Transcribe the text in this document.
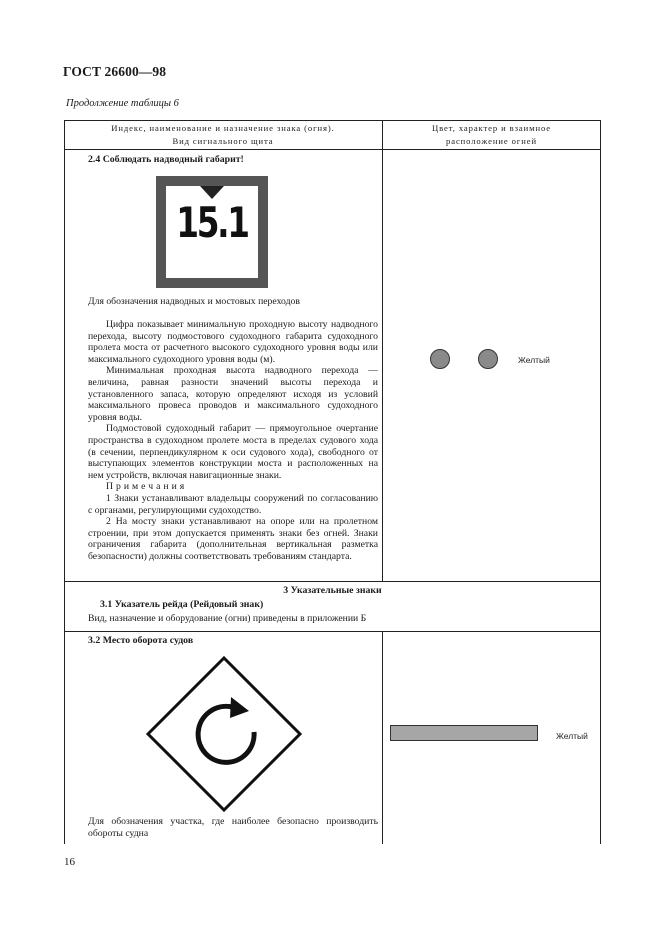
ГОСТ 26600—98
Продолжение таблицы 6
Индекс, наименование и назначение знака (огня).
Вид сигнального щита
Цвет, характер и взаимное
расположение огней
2.4 Соблюдать надводный габарит!
15.1
Для обозначения надводных и мостовых переходов

Цифра показывает минимальную проходную высоту надводного перехода, высоту подмостового судоходного габарита судоходного пролета моста от расчетного высокого судоходного уровня воды или максимального судоходного уровня воды (м).

Минимальная проходная высота надводного перехода — величина, равная разности значений высоты перехода и установленного запаса, которую определяют исходя из условий максимального провеса проводов и максимального судоходного уровня воды.

Подмостовой судоходный габарит — прямоугольное очертание пространства в судоходном пролете моста в пределах судового хода (в сечении, перпендикулярном к оси судового хода), свободного от выступающих элементов конструкции моста и расположенных на нем устройств, включая навигационные знаки.

Примечания

1 Знаки устанавливают владельцы сооружений по согласованию с органами, регулирующими судоходство.

2 На мосту знаки устанавливают на опоре или на пролетном строении, при этом допускается применять знаки без огней. Знаки ограничения габарита (дополнительная вертикальная разметка безопасности) должны соответствовать требованиям стандарта.

Желтый
3 Указательные знаки
3.1 Указатель рейда (Рейдовый знак)
Вид, назначение и оборудование (огни) приведены в приложении Б
3.2 Место оборота судов
Для обозначения участка, где наиболее безопасно производить обороты судна
Желтый
16
